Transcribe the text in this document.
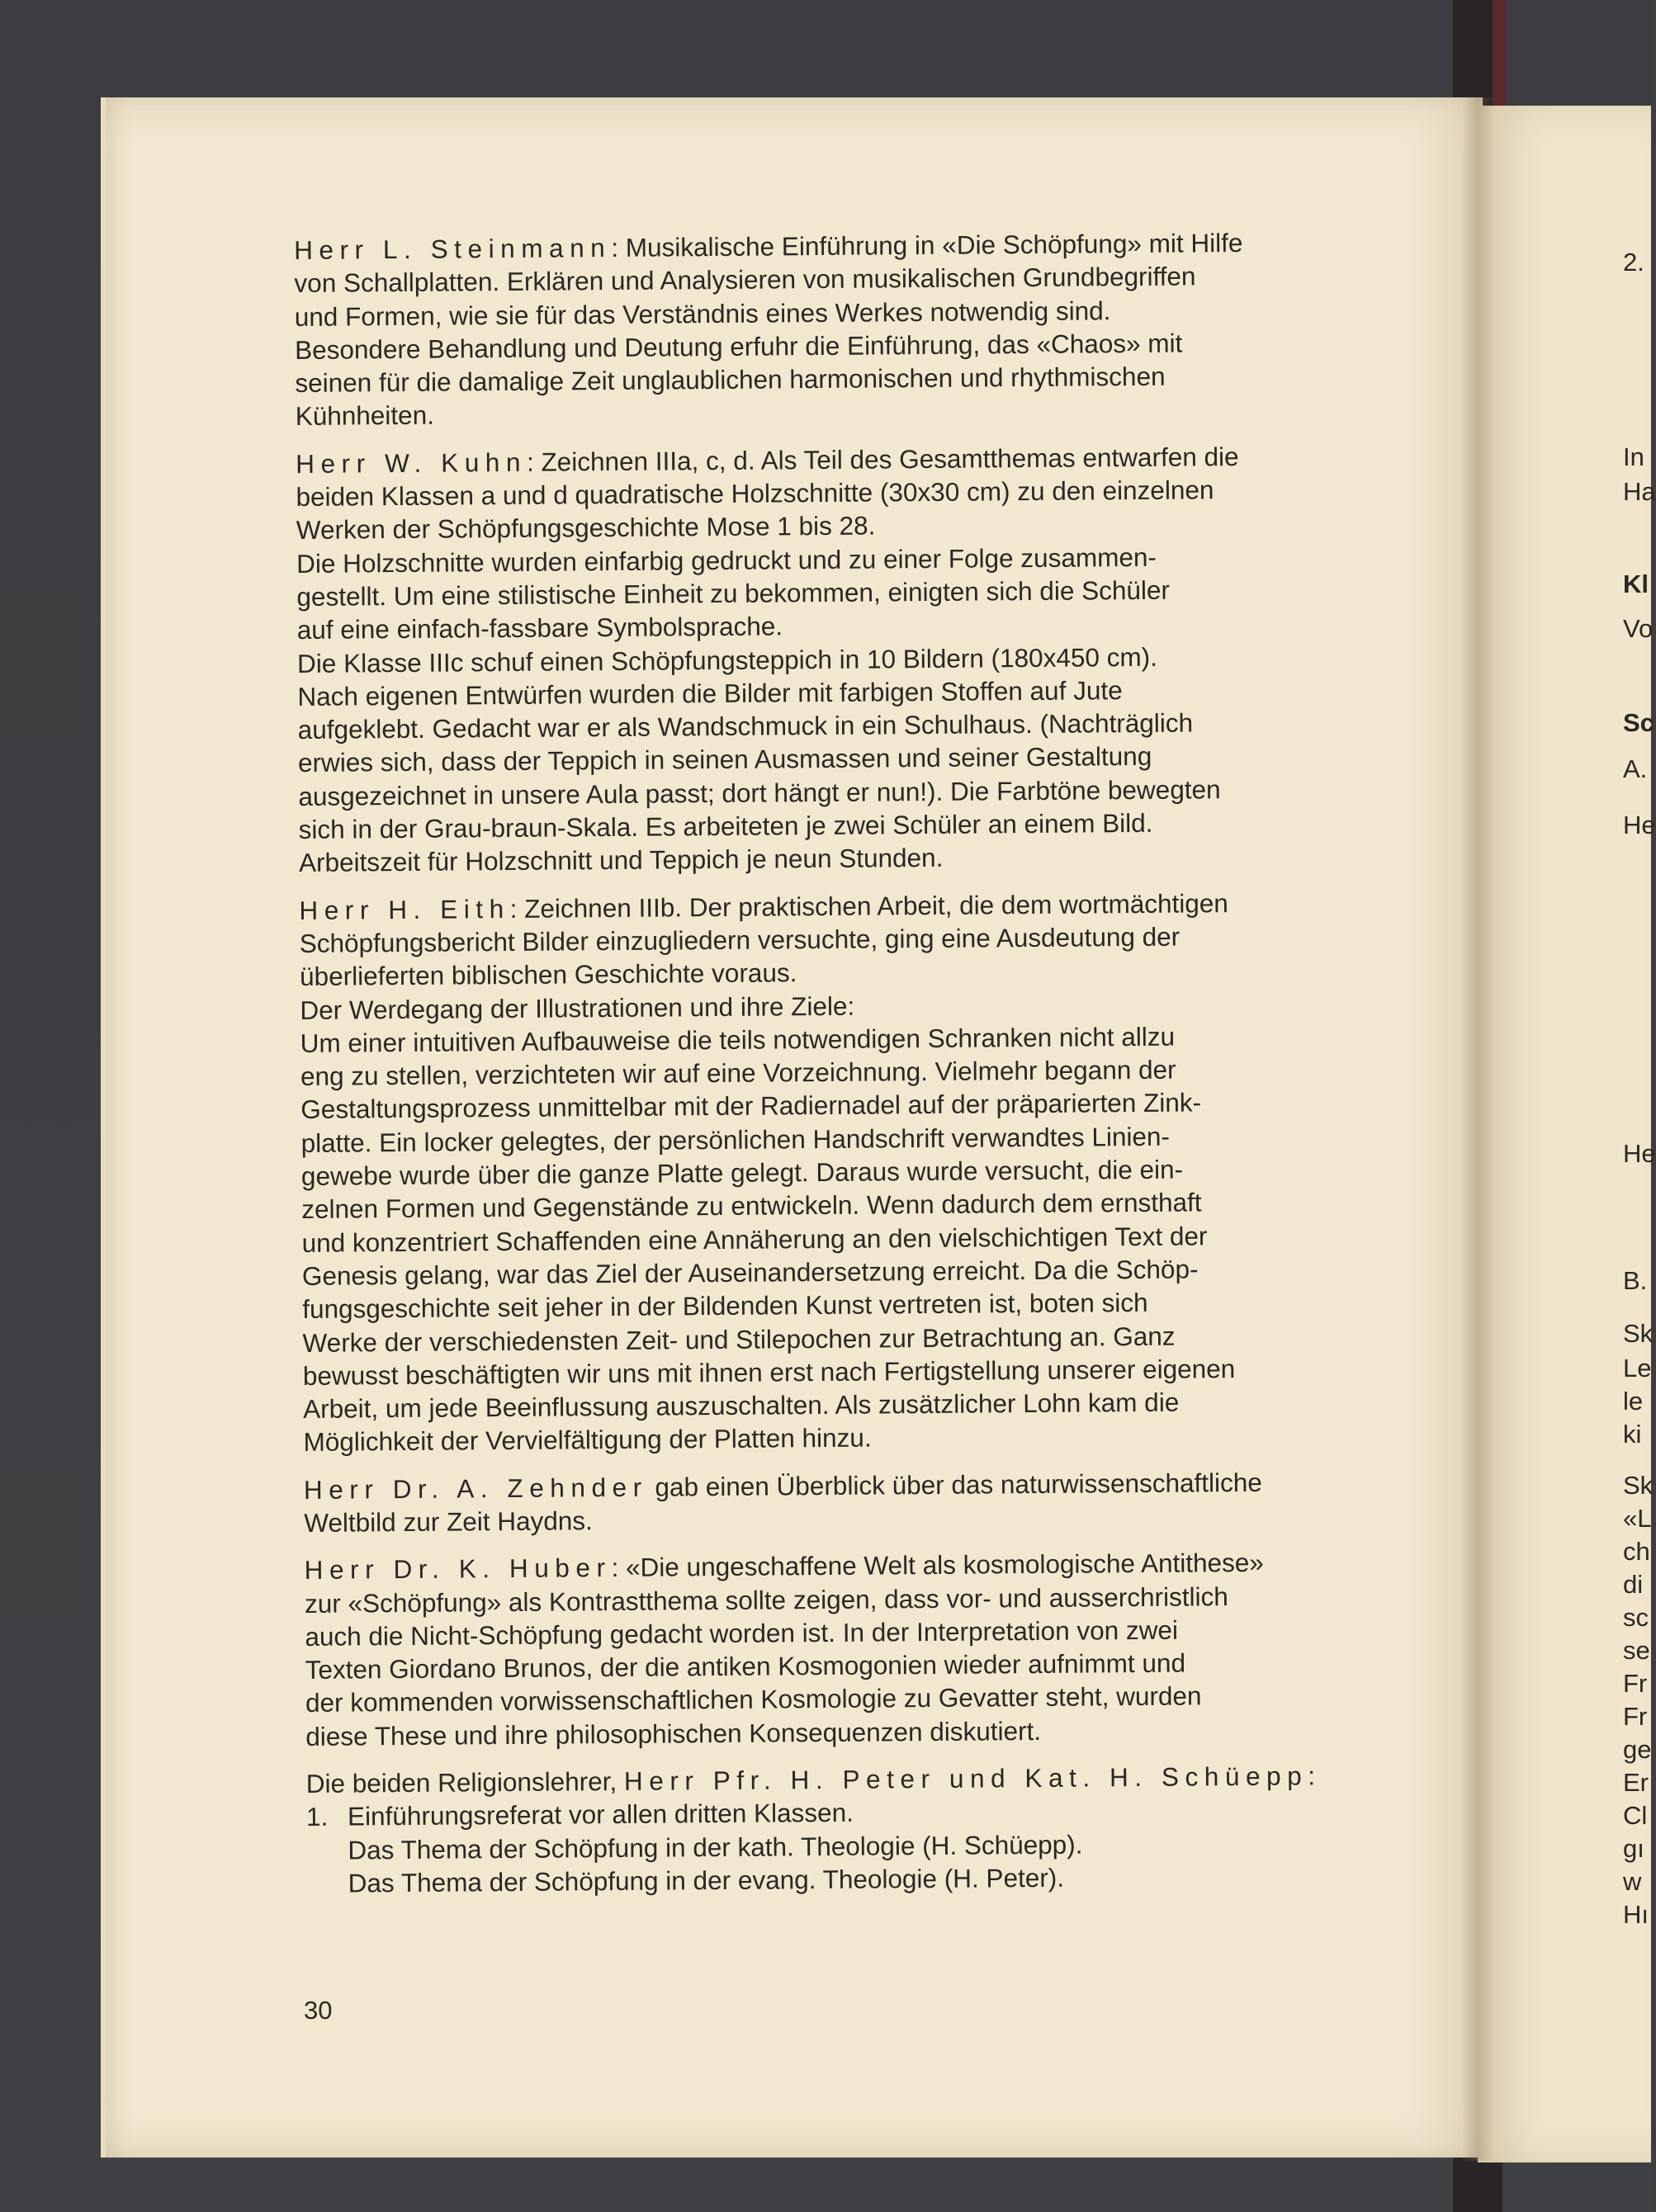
Herr L. Steinmann: Musikalische Einführung in «Die Schöpfung» mit Hilfe
von Schallplatten. Erklären und Analysieren von musikalischen Grundbegriffen
und Formen, wie sie für das Verständnis eines Werkes notwendig sind.
Besondere Behandlung und Deutung erfuhr die Einführung, das «Chaos» mit
seinen für die damalige Zeit unglaublichen harmonischen und rhythmischen
Kühnheiten.
Herr W. Kuhn: Zeichnen IIIa, c, d. Als Teil des Gesamtthemas entwarfen die
beiden Klassen a und d quadratische Holzschnitte (30x30 cm) zu den einzelnen
Werken der Schöpfungsgeschichte Mose 1 bis 28.
Die Holzschnitte wurden einfarbig gedruckt und zu einer Folge zusammen-
gestellt. Um eine stilistische Einheit zu bekommen, einigten sich die Schüler
auf eine einfach-fassbare Symbolsprache.
Die Klasse IIIc schuf einen Schöpfungsteppich in 10 Bildern (180x450 cm).
Nach eigenen Entwürfen wurden die Bilder mit farbigen Stoffen auf Jute
aufgeklebt. Gedacht war er als Wandschmuck in ein Schulhaus. (Nachträglich
erwies sich, dass der Teppich in seinen Ausmassen und seiner Gestaltung
ausgezeichnet in unsere Aula passt; dort hängt er nun!). Die Farbtöne bewegten
sich in der Grau-braun-Skala. Es arbeiteten je zwei Schüler an einem Bild.
Arbeitszeit für Holzschnitt und Teppich je neun Stunden.
Herr H. Eith: Zeichnen IIIb. Der praktischen Arbeit, die dem wortmächtigen
Schöpfungsbericht Bilder einzugliedern versuchte, ging eine Ausdeutung der
überlieferten biblischen Geschichte voraus.
Der Werdegang der Illustrationen und ihre Ziele:
Um einer intuitiven Aufbauweise die teils notwendigen Schranken nicht allzu
eng zu stellen, verzichteten wir auf eine Vorzeichnung. Vielmehr begann der
Gestaltungsprozess unmittelbar mit der Radiernadel auf der präparierten Zink-
platte. Ein locker gelegtes, der persönlichen Handschrift verwandtes Linien-
gewebe wurde über die ganze Platte gelegt. Daraus wurde versucht, die ein-
zelnen Formen und Gegenstände zu entwickeln. Wenn dadurch dem ernsthaft
und konzentriert Schaffenden eine Annäherung an den vielschichtigen Text der
Genesis gelang, war das Ziel der Auseinandersetzung erreicht. Da die Schöp-
fungsgeschichte seit jeher in der Bildenden Kunst vertreten ist, boten sich
Werke der verschiedensten Zeit- und Stilepochen zur Betrachtung an. Ganz
bewusst beschäftigten wir uns mit ihnen erst nach Fertigstellung unserer eigenen
Arbeit, um jede Beeinflussung auszuschalten. Als zusätzlicher Lohn kam die
Möglichkeit der Vervielfältigung der Platten hinzu.
Herr Dr. A. Zehnder gab einen Überblick über das naturwissenschaftliche
Weltbild zur Zeit Haydns.
Herr Dr. K. Huber: «Die ungeschaffene Welt als kosmologische Antithese»
zur «Schöpfung» als Kontrastthema sollte zeigen, dass vor- und ausserchristlich
auch die Nicht-Schöpfung gedacht worden ist. In der Interpretation von zwei
Texten Giordano Brunos, der die antiken Kosmogonien wieder aufnimmt und
der kommenden vorwissenschaftlichen Kosmologie zu Gevatter steht, wurden
diese These und ihre philosophischen Konsequenzen diskutiert.
Die beiden Religionslehrer, Herr Pfr. H. Peter und Kat. H. Schüepp:
1. Einführungsreferat vor allen dritten Klassen.
Das Thema der Schöpfung in der kath. Theologie (H. Schüepp).
Das Thema der Schöpfung in der evang. Theologie (H. Peter).
30
2.
In
Ha
Kl
Vo
Sc
A.
He
He
B.
Sk
Le
le
ki
Sk
«L
ch
di
sc
se
Fr
Fr
ge
Er
Cl
gı
w
Hı
